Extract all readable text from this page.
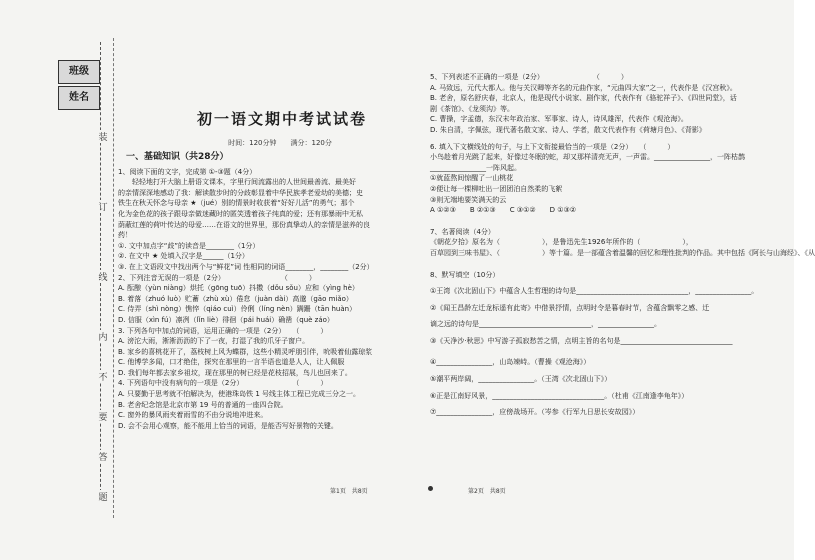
班级
姓名
装
订
线
内
不
要
答
题
初一语文期中考试试卷
时间：120分钟　　满分：120分
一、基础知识（共28分）
1、阅读下面的文字，完成第 ①-③题（4分）
　　轻轻地打开大脑上册语文课本，字里行间流露出的人世间最善流、最美好
的亲情深深地感动了我：解读散步时的分歧彰显着中华民族孝老爱幼的美德；史
铁生在秋天怀念与母亲 ★（jué）别的情景时收获着“好好儿活”的勇气；那个
化为金色花的孩子跟母亲做迷藏时的匿笑透着孩子纯真的爱；还有那暴雨中无私
荫蔽红莲的荷叶传达的母爱……在语文的世界里，那份真挚动人的亲情是滋养的良
药！
①. 文中加点字“歧”的读音是________（1分）
②. 在文中 ★ 处填入汉字是______（1分）
③. 在上文语段文中找出两个与“鲜花”词 性相同的词语________，________（2分）
2、下列注音无误的一项是（2分）　　　　　　　　　（　　　）
A. 酝酿（yùn niàng）烘托（gōng tuō）抖擞（dǒu sǒu）应和（yìng hè）
B. 着落（zhuó luò）贮蓄（zhù xù）倦怠（juàn dài）高邈（gāo miǎo）
C. 侍弄（shì nòng）憔悴（qiáo cuì）伶俐（líng nèn）蹒跚（tān huàn）
D. 信服（xìn fú）凛冽（lǐn liè）徘徊（pái huái）确凿（què záo）
3. 下列各句中加点的词语，运用正确的一项是（2分）　　（　　　）
A. 滂沱大雨，淅淅沥沥的下了一夜，打湿了我的爪牙子窗户。
B. 家乡的喜桃花开了，荔枝树上风为蝶群，这些小精灵呼朋引伴，吮吸着仙露琼浆
C. 他博学多闻，口才绝佳，探究在那里的一言半语也道是人人，让人佩服
D. 我们每年都去家乡祖坟，现在那里的树已经是花枝招展，鸟儿也回来了。
4. 下列语句中没有病句的一项是（2分）　　　　　　　　（　　　）
A. 只要勤于思考就不怕解决为，使港珠岛铁 1 号线主体工程已完成三分之一。
B. 老舍纪念馆是北京市第 19 号的普通的一座四合院。
C. 窗外的暴风雨夹着雨雪的不由分说地冲进来。
D. 会不会用心观察，能不能用上恰当的词语，是能否写好景物的关键。
5、下列表述不正确的一项是（2分）　　　　　　　　（　　　）
A. 马致远，元代大都人。他与关汉卿等齐名的元曲作家，“元曲四大家”之一，代表作是《汉宫秋》。
B. 老舍，原名舒庆春，北京人，他是现代小说家、剧作家，代表作有《骆驼祥子》、《四世同堂》，话
剧《茶馆》、《龙须沟》等。
C. 曹操，字孟德，东汉末年政治家、军事家、诗人，诗风雄浑，代表作《观沧海》。
D. 朱自清，字佩弦，现代著名散文家、诗人、学者，散文代表作有《荷塘月色》、《背影》
6. 填入下文横线处的句子，与上下文衔接最恰当的一项是（2分）　　（　　　）
小鸟趁着月光跳了起来，好像过冬眠的蛇，却又那样清亮无声，一声雷。________________，一阵枯鹊
________________一阵风起。
①就蓝熬间惊醒了一山桃花
②便让每一棵柳吐出一团团泊自然柔的飞絮
③则无端地要笑满天的云
A ①②③　　B ②①③　　C ③①②　　D ①③②
7、名著阅读（4分）
《朝花夕拾》原名为（　　　　　　），是鲁迅先生1926年所作的（　　　　　　），
百草园到三味书屋》、（　　　　　　）等十篇。是一部蕴含着温馨的回忆和理性批判的作品。其中包括《阿长与山海经》、《从
8、默写填空（10分）
①王湾《次北固山下》中蕴含人生哲理的诗句是________________________________，________________。
②《闻王昌龄左迁龙标遥有此寄》中借景抒情，点明时令是暮春时节，含蕴含飘零之感、迁
谪之远的诗句是________________________________，________________。
③《天净沙·秋思》中写游子孤寂愁苦之情，点明主旨的名句是________________________________
④________________，山岛竦峙。（曹操《观沧海》）
⑤潮平两岸阔，________________。（王湾《次北固山下》）
⑥正是江南好风景，________________________________。（杜甫《江南逢李龟年》）
⑦________________，应傍战场开。（岑参《行军九日思长安故园》）
第1页　共8页	第2页　共8页
